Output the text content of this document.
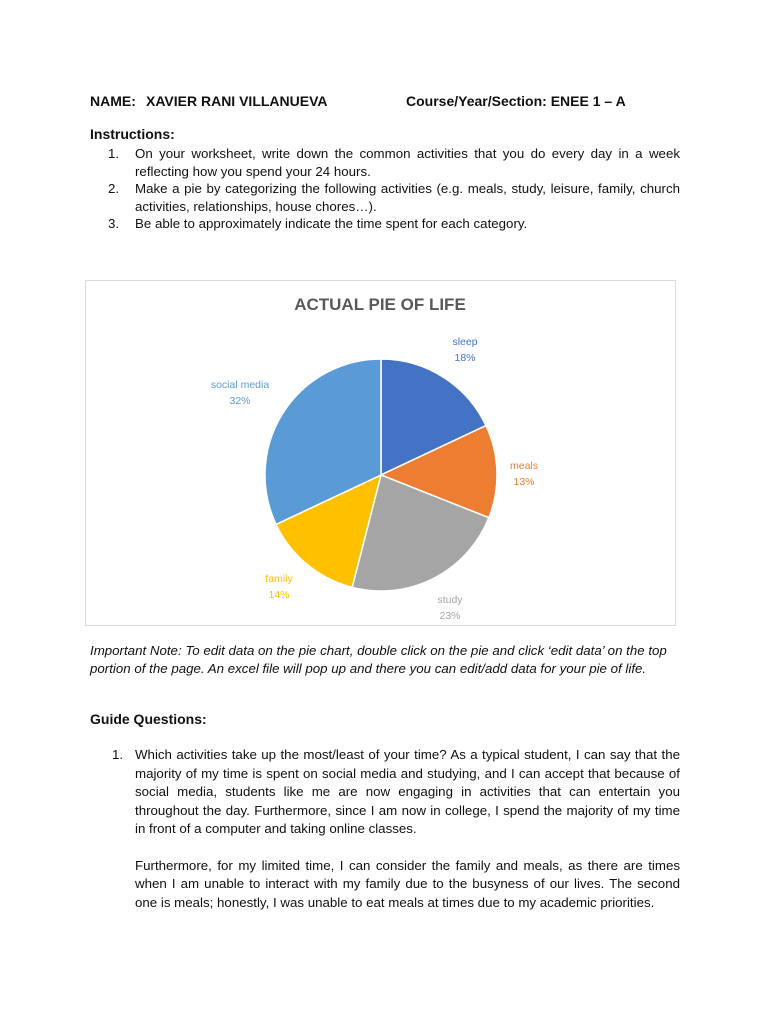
NAME: XAVIER RANI VILLANUEVA	Course/Year/Section: ENEE 1 – A
Instructions:
1. On your worksheet, write down the common activities that you do every day in a week reflecting how you spend your 24 hours.
2. Make a pie by categorizing the following activities (e.g. meals, study, leisure, family, church activities, relationships, house chores…).
3. Be able to approximately indicate the time spent for each category.
ACTUAL PIE OF LIFE
sleep
18%
meals
13%
study
23%
family
14%
social media
32%
Important Note: To edit data on the pie chart, double click on the pie and click ‘edit data’ on the top portion of the page. An excel file will pop up and there you can edit/add data for your pie of life.
Guide Questions:
1. Which activities take up the most/least of your time? As a typical student, I can say that the majority of my time is spent on social media and studying, and I can accept that because of social media, students like me are now engaging in activities that can entertain you throughout the day. Furthermore, since I am now in college, I spend the majority of my time in front of a computer and taking online classes.

Furthermore, for my limited time, I can consider the family and meals, as there are times when I am unable to interact with my family due to the busyness of our lives. The second one is meals; honestly, I was unable to eat meals at times due to my academic priorities.
